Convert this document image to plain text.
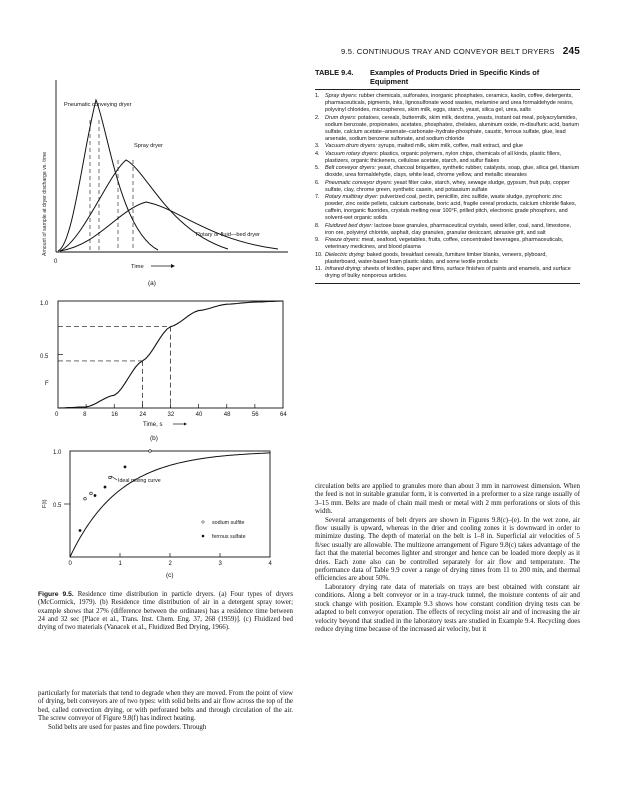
9.5. CONTINUOUS TRAY AND CONVEYOR BELT DRYERS 245
TABLE 9.4. Examples of Products Dried in Specific Kinds of
Equipment
1. Spray dryers: rubber chemicals, sulfonates, inorganic phosphates, ceramics, kaolin, coffee, detergents, pharmaceuticals, pigments, inks, lignosulfonate wood wastes, melamine and urea formaldehyde resins, polyvinyl chlorides, microspheres, skim milk, eggs, starch, yeast, silica gel, urea, salts
2. Drum dryers: potatoes, cereals, buttermilk, skim milk, dextrins, yeasts, instant oat meal, polyacrylamides, sodium benzoate, propionates, acetates, phosphates, chelates, aluminum oxide, m-disulfuric acid, barium sulfate, calcium acetate–arsenate–carbonate–hydrate-phosphate, caustic, ferrous sulfate, glue, lead arsenate, sodium benzene sulfonate, and sodium chloride
3. Vacuum drum dryers: syrups, malted milk, skim milk, coffee, malt extract, and glue
4. Vacuum rotary dryers: plastics, organic polymers, nylon chips, chemicals of all kinds, plastic fillers, plastizers, organic thickeners, cellulose acetate, starch, and sulfur flakes
5. Belt conveyor dryers: yeast, charcoal briquettes, synthetic rubber, catalysts, soap, glue, silica gel, titanium dioxide, urea formaldehyde, clays, white lead, chrome yellow, and metallic stearates
6. Pneumatic conveyor dryers: yeast filter cake, starch, whey, sewage sludge, gypsum, fruit pulp, copper sulfate, clay, chrome green, synthetic casein, and potassium sulfate
7. Rotary multitray dryer: pulverized coal, pectin, penicillin, zinc sulfide, waste sludge, pyrophoric zinc powder, zinc oxide pellets, calcium carbonate, boric acid, fragile cereal products, calcium chloride flakes, caffein, inorganic fluorides, crystals melting near 100°F, prilled pitch, electronic grade phosphors, and solvent-wet organic solids
8. Fluidized bed dryer: lactose base granules, pharmaceutical crystals, weed killer, coal, sand, limestone, iron ore, polyvinyl chloride, asphalt, clay granules, granular desiccant, abrasive grit, and salt
9. Freeze dryers: meat, seafood, vegetables, fruits, coffee, concentrated beverages, pharmaceuticals, veterinary medicines, and blood plasma
10. Dielectric drying: baked goods, breakfast cereals, furniture timber blanks, veneers, plyboard, plasterboard, water-based foam plastic slabs, and some textile products
11. Infrared drying: sheets of textiles, paper and films, surface finishes of paints and enamels, and surface drying of bulky nonporous articles.
Amount of sample at dryer discharge vs. time
Pneumatic conveying dryer
Spray dryer
Rotary or fluid—bed dryer
0
Time
(a)
1.0
0.5
F
0	8	16	24	32	40	48	56	64
Time, s
(b)
1.0
0.5
F(t)
Ideal mixing curve
sodium sulfite
ferrous sulfate
0	1	2	3	4
(c)
Figure 9.5. Residence time distribution in particle dryers. (a) Four types of dryers (McCormick, 1979). (b) Residence time distribution of air in a detergent spray tower; example shows that 27% (difference between the ordinates) has a residence time between 24 and 32 sec [Place et al., Trans. Inst. Chem. Eng. 37, 268 (1959)]. (c) Fluidized bed drying of two materials (Vanacek et al., Fluidized Bed Drying, 1966).

particularly for materials that tend to degrade when they are moved. From the point of view of drying, belt conveyors are of two types: with solid belts and air flow across the top of the bed, called convection drying, or with perforated belts and through circulation of the air. The screw conveyor of Figure 9.8(f) has indirect heating.

Solid belts are used for pastes and fine powders. Through

circulation belts are applied to granules more than about 3 mm in narrowest dimension. When the feed is not in suitable granular form, it is converted in a preformer to a size range usually of 3–15 mm. Belts are made of chain mail mesh or metal with 2 mm perforations or slots of this width.

Several arrangements of belt dryers are shown in Figures 9.8(c)–(e). In the wet zone, air flow usually is upward, whereas in the drier and cooling zones it is downward in order to minimize dusting. The depth of material on the belt is 1–8 in. Superficial air velocities of 5 ft/sec usually are allowable. The multizone arrangement of Figure 9.8(c) takes advantage of the fact that the material becomes lighter and stronger and hence can be loaded more deeply as it dries. Each zone also can be controlled separately for air flow and temperature. The performance data of Table 9.9 cover a range of drying times from 11 to 200 min, and thermal efficiencies are about 50%.

Laboratory drying rate data of materials on trays are best obtained with constant air conditions. Along a belt conveyor or in a tray-truck tunnel, the moisture contents of air and stock change with position. Example 9.3 shows how constant condition drying tests can be adapted to belt conveyor operation. The effects of recycling moist air and of increasing the air velocity beyond that studied in the laboratory tests are studied in Example 9.4. Recycling does reduce drying time because of the increased air velocity, but it
